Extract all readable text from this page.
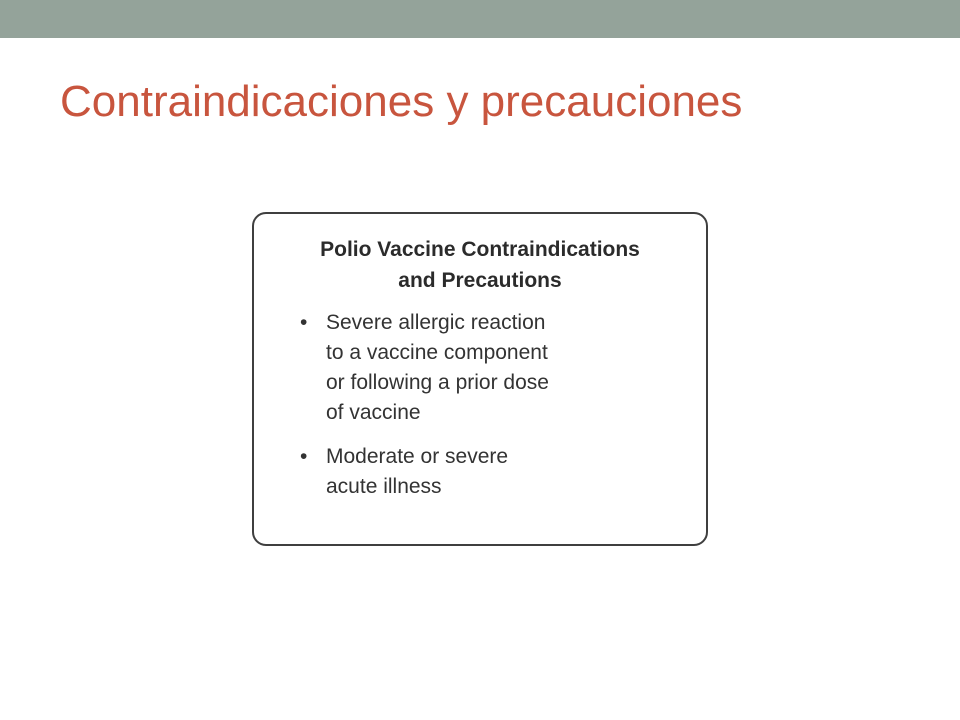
Contraindicaciones y precauciones
Polio Vaccine Contraindications
and Precautions
• Severe allergic reaction
to a vaccine component
or following a prior dose
of vaccine
• Moderate or severe
acute illness
